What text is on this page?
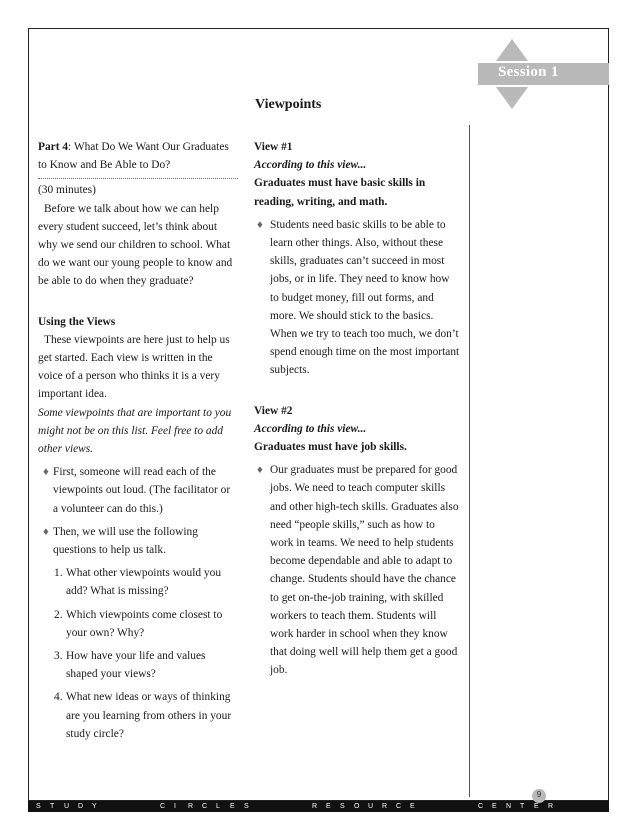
Session 1
Viewpoints
Part 4: What Do We Want Our Graduates
to Know and Be Able to Do?
(30 minutes)
Before we talk about how we can help every student succeed, let’s think about why we send our children to school. What do we want our young people to know and be able to do when they graduate?
Using the Views
These viewpoints are here just to help us get started. Each view is written in the voice of a person who thinks it is a very important idea.
Some viewpoints that are important to you might not be on this list. Feel free to add other views.
♦ First, someone will read each of the viewpoints out loud. (The facilitator or a volunteer can do this.)
♦ Then, we will use the following questions to help us talk.
1. What other viewpoints would you add? What is missing?
2. Which viewpoints come closest to your own? Why?
3. How have your life and values shaped your views?
4. What new ideas or ways of thinking are you learning from others in your study circle?
View #1
According to this view...
Graduates must have basic skills in reading, writing, and math.
♦ Students need basic skills to be able to learn other things. Also, without these skills, graduates can’t succeed in most jobs, or in life. They need to know how to budget money, fill out forms, and more. We should stick to the basics. When we try to teach too much, we don’t spend enough time on the most important subjects.
View #2
According to this view...
Graduates must have job skills.
♦ Our graduates must be prepared for good jobs. We need to teach computer skills and other high-tech skills. Graduates also need “people skills,” such as how to work in teams. We need to help students become dependable and able to adapt to change. Students should have the chance to get on-the-job training, with skilled workers to teach them. Students will work harder in school when they know that doing well will help them get a good job.
S	T	U	D	Y	C	I	R	C	L	E	S	R	E	S	O	U	R	C	E	C	E	N	T	E	R
9
